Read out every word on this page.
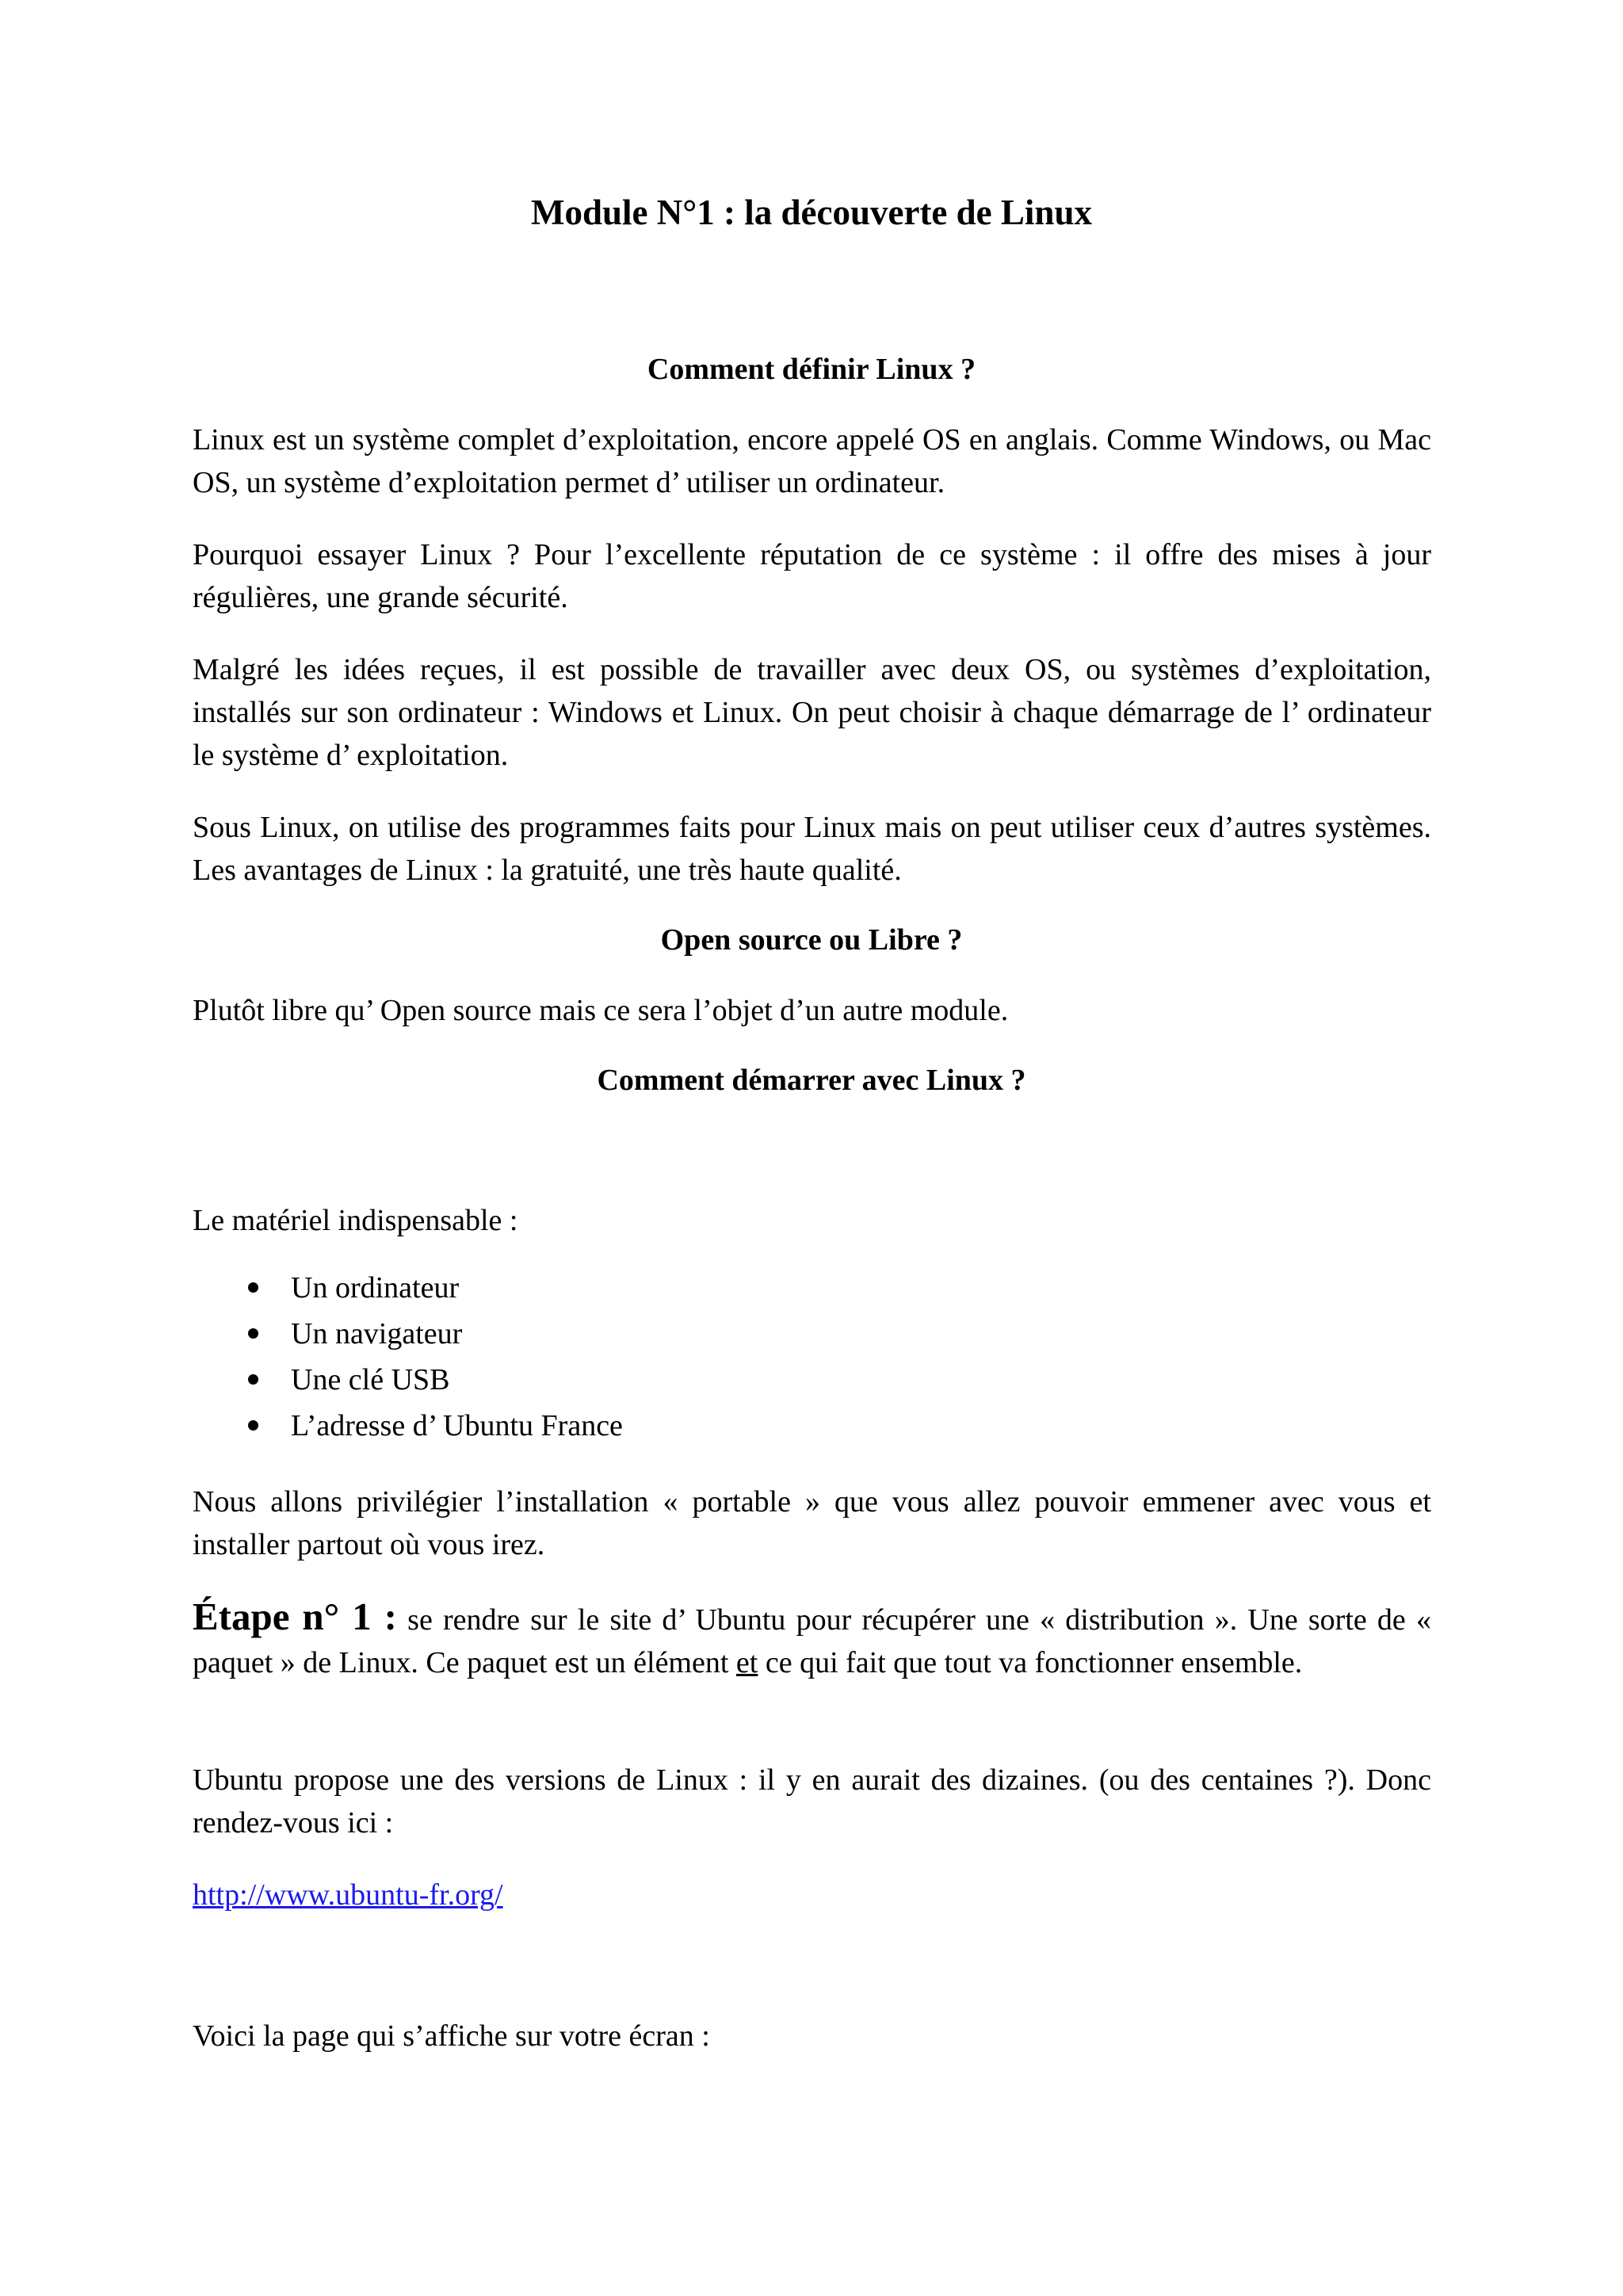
Module N°1 : la découverte de Linux
Comment définir Linux ?
Linux est un système complet d’exploitation, encore appelé OS en anglais. Comme Windows, ou Mac OS, un système d’exploitation permet d’ utiliser un ordinateur.
Pourquoi essayer Linux ? Pour l’excellente réputation de ce système : il offre des mises à jour régulières, une grande sécurité.
Malgré les idées reçues, il est possible de travailler avec deux OS, ou systèmes d’exploitation, installés sur son ordinateur : Windows et Linux. On peut choisir à chaque démarrage de l’ ordinateur le système d’ exploitation.
Sous Linux, on utilise des programmes faits pour Linux mais on peut utiliser ceux d’autres systèmes. Les avantages de Linux : la gratuité, une très haute qualité.
Open source ou Libre ?
Plutôt libre qu’ Open source mais ce sera l’objet d’un autre module.
Comment démarrer avec Linux ?
Le matériel indispensable :
Un ordinateur
Un navigateur
Une clé USB
L’adresse d’ Ubuntu France
Nous allons privilégier l’installation « portable » que vous allez pouvoir emmener avec vous et installer partout où vous irez.
Étape n° 1 : se rendre sur le site d’ Ubuntu pour récupérer une « distribution ». Une sorte de « paquet » de Linux. Ce paquet est un élément et ce qui fait que tout va fonctionner ensemble.
Ubuntu propose une des versions de Linux : il y en aurait des dizaines. (ou des centaines ?). Donc rendez-vous ici :
http://www.ubuntu-fr.org/
Voici la page qui s’affiche sur votre écran :
